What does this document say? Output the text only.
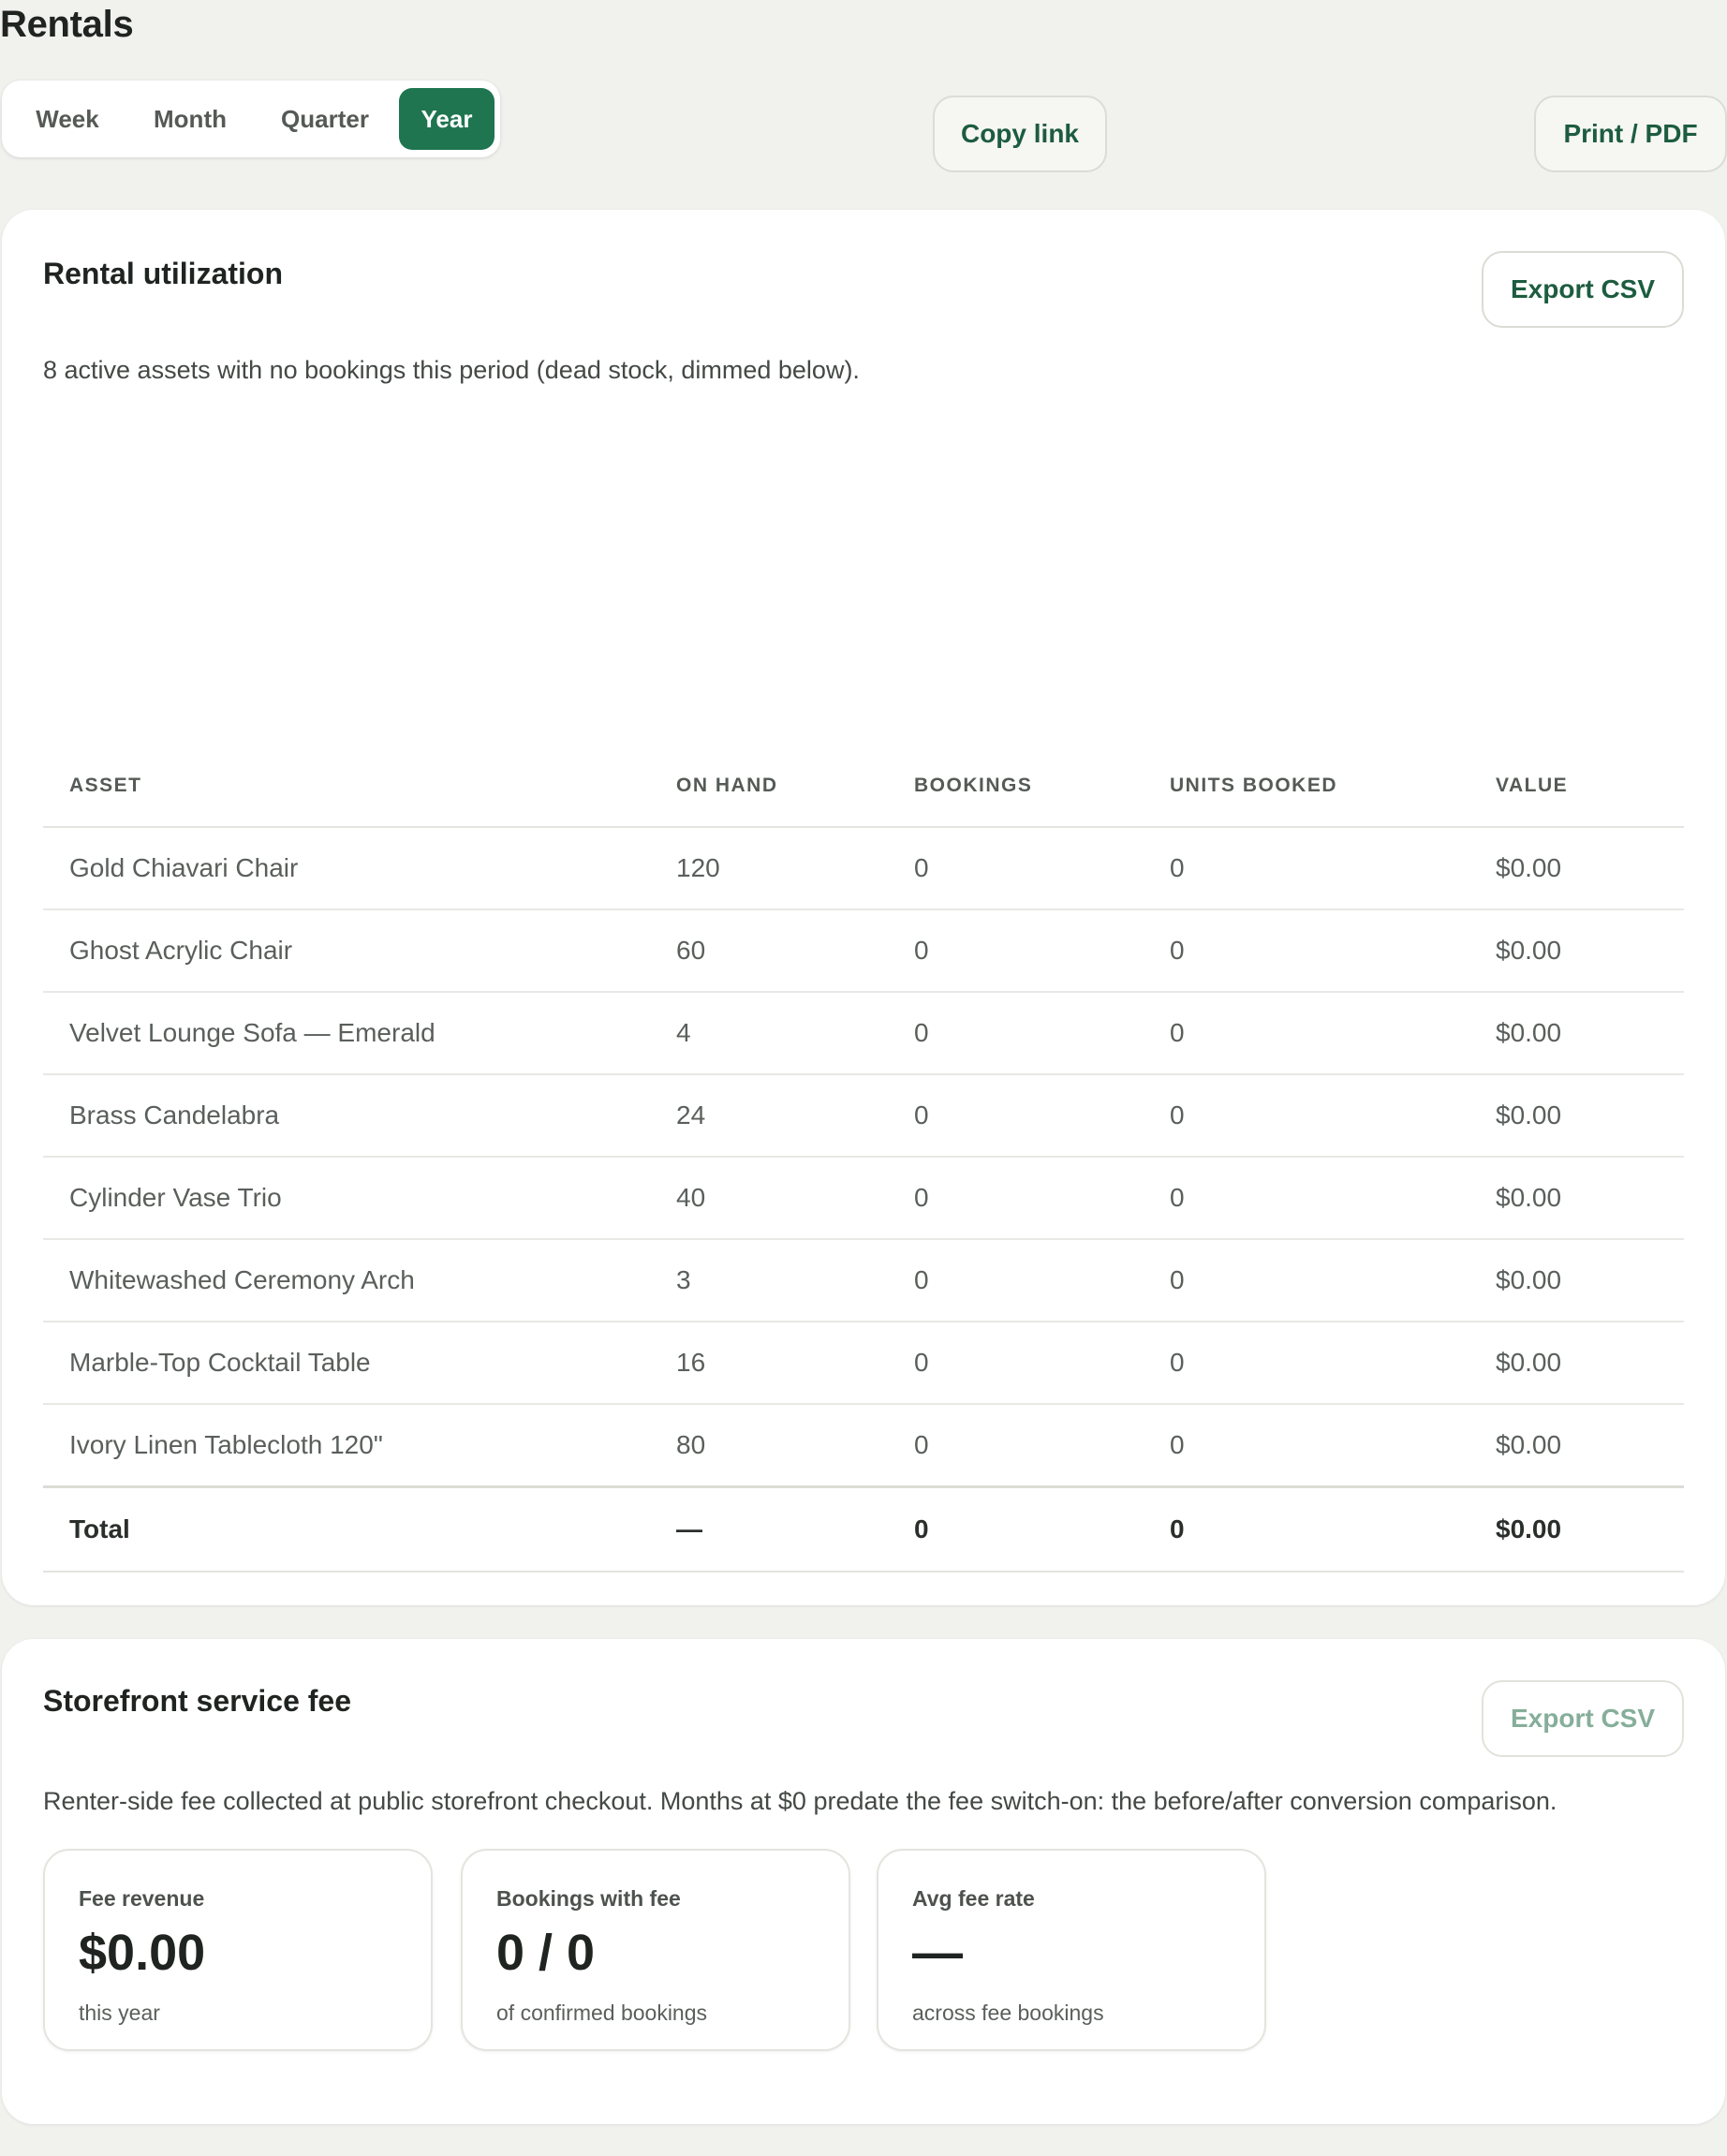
Rentals
Week	Month	Quarter	Year	Copy link	Print / PDF
Rental utilization	Export CSV
8 active assets with no bookings this period (dead stock, dimmed below).
ASSET	ON HAND	BOOKINGS	UNITS BOOKED	VALUE
Gold Chiavari Chair	120	0	0	$0.00
Ghost Acrylic Chair	60	0	0	$0.00
Velvet Lounge Sofa — Emerald	4	0	0	$0.00
Brass Candelabra	24	0	0	$0.00
Cylinder Vase Trio	40	0	0	$0.00
Whitewashed Ceremony Arch	3	0	0	$0.00
Marble-Top Cocktail Table	16	0	0	$0.00
Ivory Linen Tablecloth 120"	80	0	0	$0.00
Total	—	0	0	$0.00
Storefront service fee
Export CSV
Renter-side fee collected at public storefront checkout. Months at $0 predate the fee switch-on: the before/after conversion comparison.
Fee revenue
$0.00
this year
Bookings with fee
0 / 0
of confirmed bookings
Avg fee rate
—
across fee bookings
